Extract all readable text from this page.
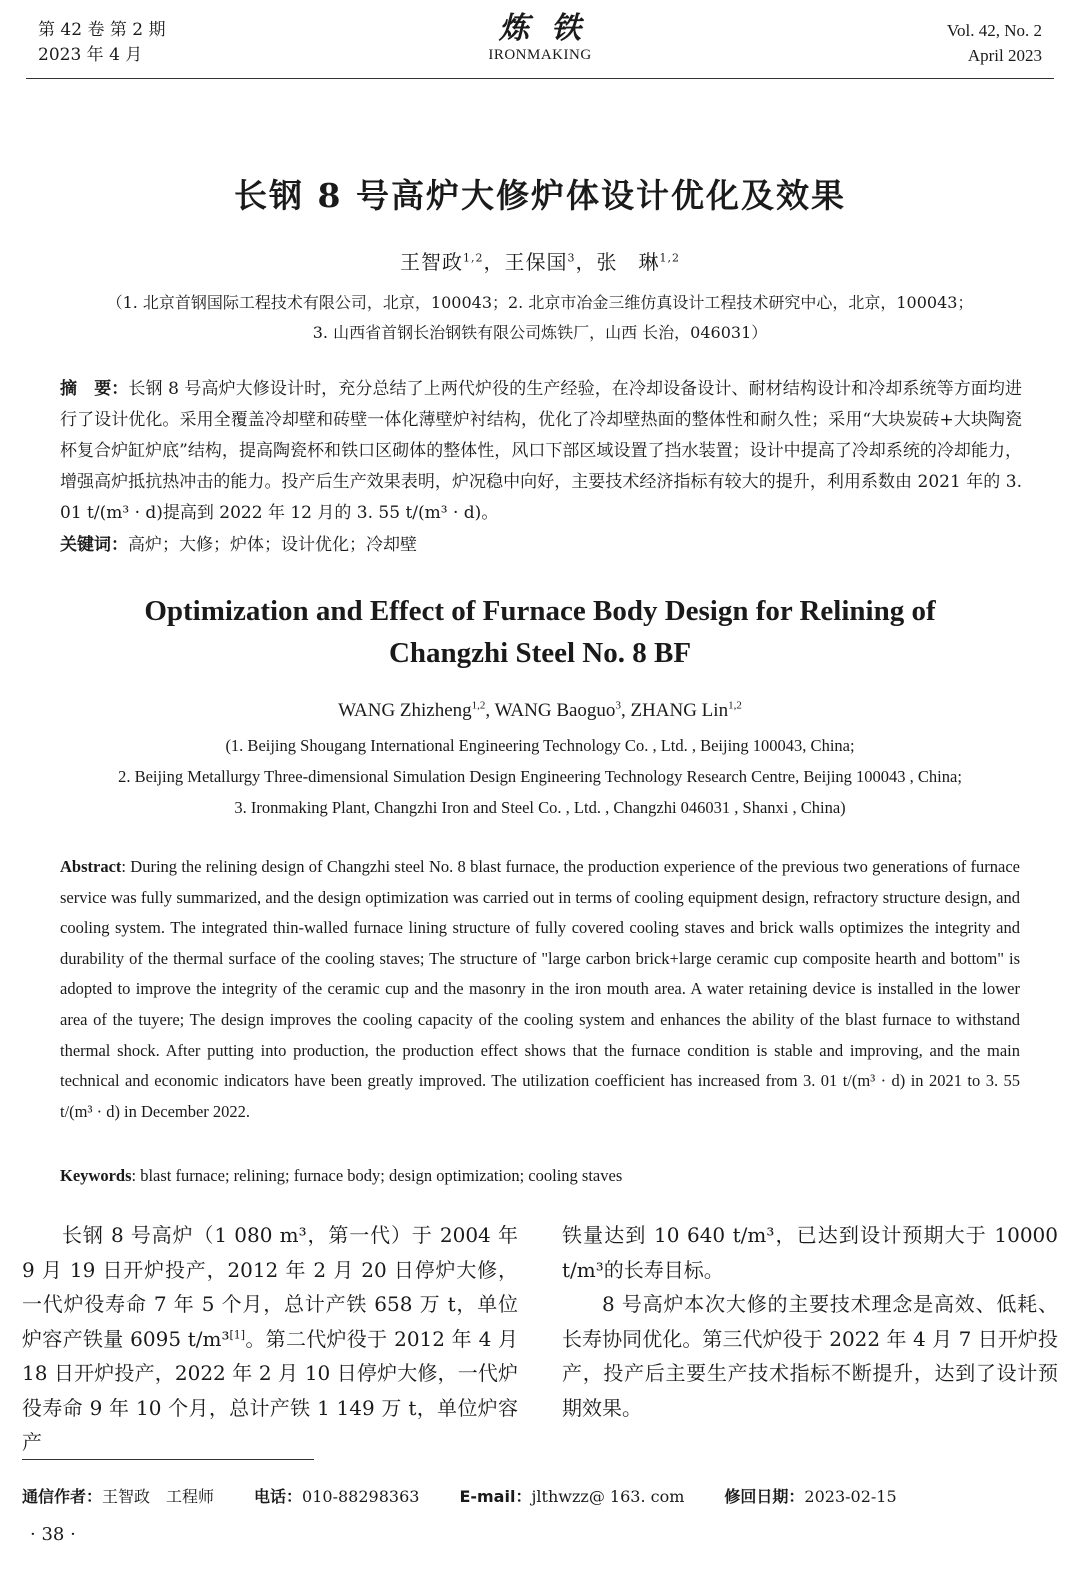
第 42 卷 第 2 期
2023 年 4 月
炼铁
IRONMAKING
Vol. 42, No. 2
April 2023
长钢 8 号高炉大修炉体设计优化及效果
王智政$^{1,2}$，王保国$^3$，张　琳$^{1,2}$
（1. 北京首钢国际工程技术有限公司，北京，100043；2. 北京市冶金三维仿真设计工程技术研究中心，北京，100043；
3. 山西省首钢长治钢铁有限公司炼铁厂，山西 长治，046031）
摘　要：长钢 8 号高炉大修设计时，充分总结了上两代炉役的生产经验，在冷却设备设计、耐材结构设计和冷却系统等方面均进行了设计优化。采用全覆盖冷却壁和砖壁一体化薄壁炉衬结构，优化了冷却壁热面的整体性和耐久性；采用“大块炭砖+大块陶瓷杯复合炉缸炉底”结构，提高陶瓷杯和铁口区砌体的整体性，风口下部区域设置了挡水装置；设计中提高了冷却系统的冷却能力，增强高炉抵抗热冲击的能力。投产后生产效果表明，炉况稳中向好，主要技术经济指标有较大的提升，利用系数由 2021 年的 3. 01 t/(m³ · d)提高到 2022 年 12 月的 3. 55 t/(m³ · d)。
关键词：高炉；大修；炉体；设计优化；冷却壁
Optimization and Effect of Furnace Body Design for Relining of
Changzhi Steel No. 8 BF
WANG Zhizheng$^{1,2}$, WANG Baoguo$^3$, ZHANG Lin$^{1,2}$
(1. Beijing Shougang International Engineering Technology Co. , Ltd. , Beijing 100043, China;
2. Beijing Metallurgy Three-dimensional Simulation Design Engineering Technology Research Centre, Beijing 100043 , China;
3. Ironmaking Plant, Changzhi Iron and Steel Co. , Ltd. , Changzhi 046031 , Shanxi , China)
Abstract: During the relining design of Changzhi steel No. 8 blast furnace, the production experience of the previous two generations of furnace service was fully summarized, and the design optimization was carried out in terms of cooling equipment design, refractory structure design, and cooling system. The integrated thin-walled furnace lining structure of fully covered cooling staves and brick walls optimizes the integrity and durability of the thermal surface of the cooling staves; The structure of "large carbon brick+large ceramic cup composite hearth and bottom" is adopted to improve the integrity of the ceramic cup and the masonry in the iron mouth area. A water retaining device is installed in the lower area of the tuyere; The design improves the cooling capacity of the cooling system and enhances the ability of the blast furnace to withstand thermal shock. After putting into production, the production effect shows that the furnace condition is stable and improving, and the main technical and economic indicators have been greatly improved. The utilization coefficient has increased from 3. 01 t/(m³ · d) in 2021 to 3. 55 t/(m³ · d) in December 2022.
Keywords: blast furnace; relining; furnace body; design optimization; cooling staves

长钢 8 号高炉（1 080 m³，第一代）于 2004 年 9 月 19 日开炉投产，2012 年 2 月 20 日停炉大修，一代炉役寿命 7 年 5 个月，总计产铁 658 万 t，单位炉容产铁量 6095 t/m³[1]。第二代炉役于 2012 年 4 月 18 日开炉投产，2022 年 2 月 10 日停炉大修，一代炉役寿命 9 年 10 个月，总计产铁 1 149 万 t，单位炉容产

铁量达到 10 640 t/m³，已达到设计预期大于 10000 t/m³的长寿目标。

8 号高炉本次大修的主要技术理念是高效、低耗、长寿协同优化。第三代炉役于 2022 年 4 月 7 日开炉投产，投产后主要生产技术指标不断提升，达到了设计预期效果。

通信作者：王智政　工程师	电话：010-88298363	E-mail：jlthwzz@ 163. com	修回日期：2023-02-15
· 38 ·
